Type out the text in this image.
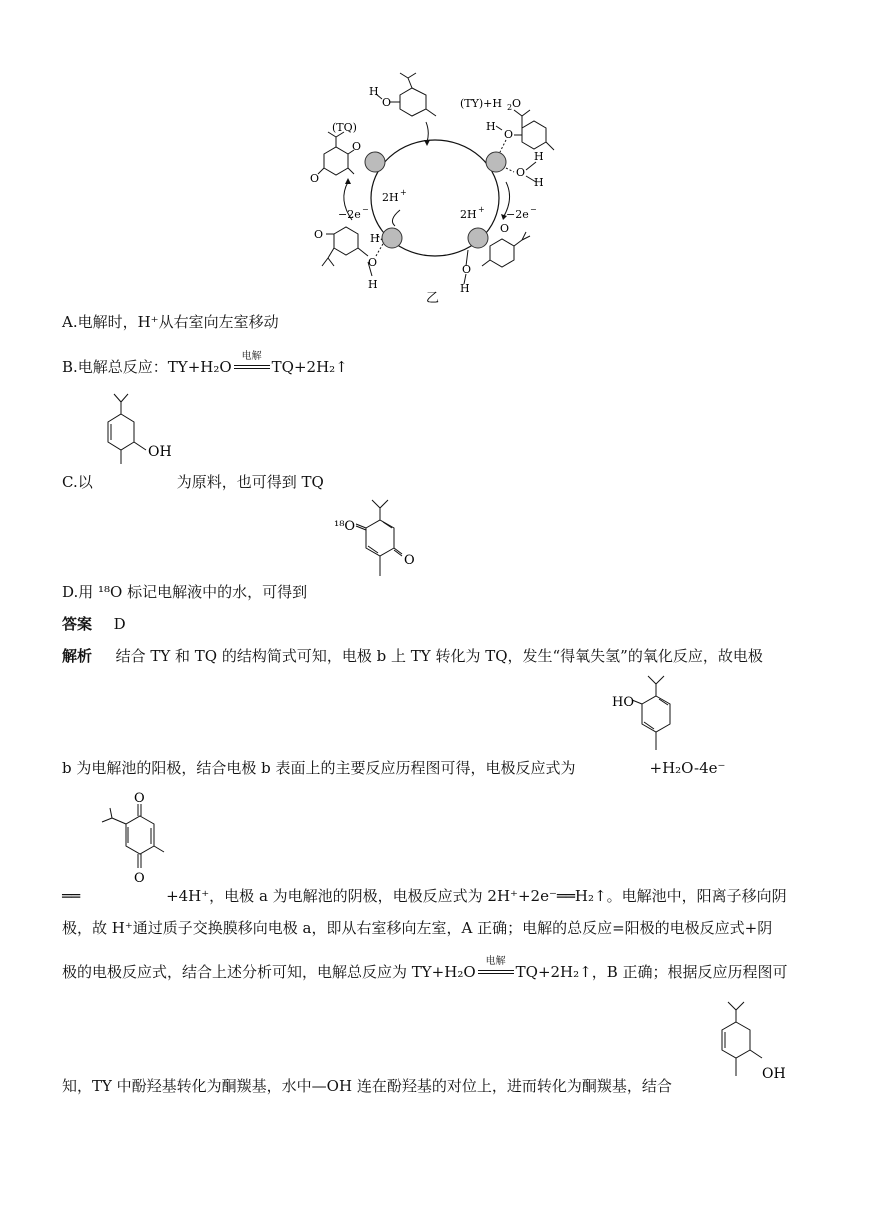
H
O	(TY)+H 2 O
H
O
O
H
H
(TQ)
O
O
2H +
2H +
−2e −	−2e −
O
O
H
H
O
O
H
乙
A.电解时，H⁺从右室向左室移动
B.电解总反应：TY+H₂O
电解
TQ+2H₂↑
OH
C.以	为原料，也可得到 TQ
¹⁸O
O
D.用 ¹⁸O 标记电解液中的水，可得到
答案 D
解析 结合 TY 和 TQ 的结构简式可知，电极 b 上 TY 转化为 TQ，发生“得氧失氢”的氧化反应，故电极
HO
b 为电解池的阳极，结合电极 b 表面上的主要反应历程图可得，电极反应式为	+H₂O-4e⁻
O
O
══	+4H⁺，电极 a 为电解池的阴极，电极反应式为 2H⁺+2e⁻══H₂↑。电解池中，阳离子移向阴
极，故 H⁺通过质子交换膜移向电极 a，即从右室移向左室，A 正确；电解的总反应=阳极的电极反应式+阴
极的电极反应式，结合上述分析可知，电解总反应为 TY+H₂O
电解
TQ+2H₂↑，B 正确；根据反应历程图可
OH
知，TY 中酚羟基转化为酮羰基，水中—OH 连在酚羟基的对位上，进而转化为酮羰基，结合
